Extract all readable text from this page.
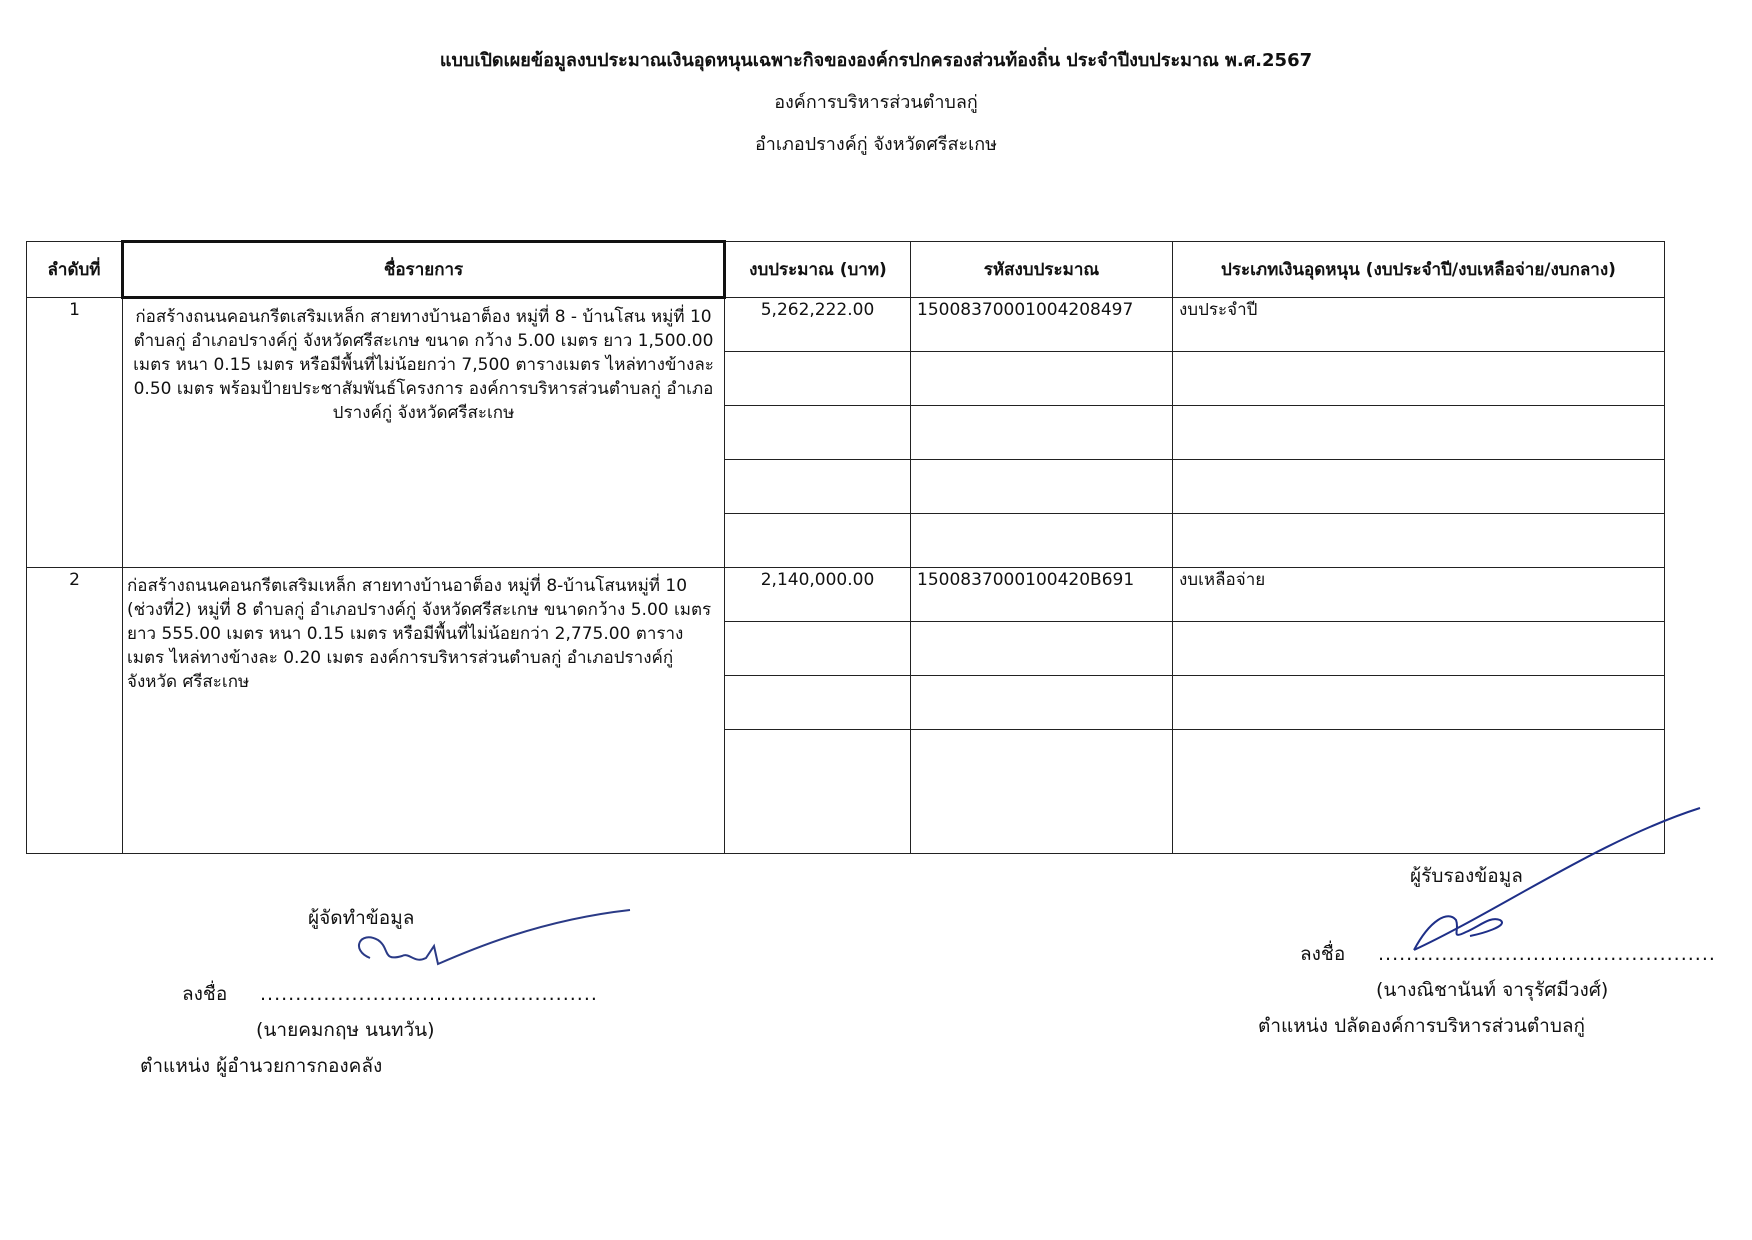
แบบเปิดเผยข้อมูลงบประมาณเงินอุดหนุนเฉพาะกิจขององค์กรปกครองส่วนท้องถิ่น ประจำปีงบประมาณ พ.ศ.2567
องค์การบริหารส่วนตำบลกู่
อำเภอปรางค์กู่ จังหวัดศรีสะเกษ
ลำดับที่	ชื่อรายการ	งบประมาณ (บาท)	รหัสงบประมาณ	ประเภทเงินอุดหนุน (งบประจำปี/งบเหลือจ่าย/งบกลาง)
1	ก่อสร้างถนนคอนกรีตเสริมเหล็ก สายทางบ้านอาต็อง หมู่ที่ 8 - บ้านโสน หมู่ที่ 10 ตำบลกู่ อำเภอปรางค์กู่ จังหวัดศรีสะเกษ ขนาด กว้าง 5.00 เมตร ยาว 1,500.00 เมตร หนา 0.15 เมตร หรือมีพื้นที่ไม่น้อยกว่า 7,500 ตารางเมตร ไหล่ทางข้างละ 0.50 เมตร พร้อมป้ายประชาสัมพันธ์โครงการ องค์การบริหารส่วนตำบลกู่ อำเภอปรางค์กู่ จังหวัดศรีสะเกษ	5,262,222.00	15008370001004208497	งบประจำปี

2	ก่อสร้างถนนคอนกรีตเสริมเหล็ก สายทางบ้านอาต็อง หมู่ที่ 8-บ้านโสนหมู่ที่ 10 (ช่วงที่2) หมู่ที่ 8 ตำบลกู่ อำเภอปรางค์กู่ จังหวัดศรีสะเกษ ขนาดกว้าง 5.00 เมตร ยาว 555.00 เมตร หนา 0.15 เมตร หรือมีพื้นที่ไม่น้อยกว่า 2,775.00 ตารางเมตร ไหล่ทางข้างละ 0.20 เมตร องค์การบริหารส่วนตำบลกู่ อำเภอปรางค์กู่ จังหวัด ศรีสะเกษ	2,140,000.00	1500837000100420B691	งบเหลือจ่าย

ผู้จัดทำข้อมูล
ลงชื่อ ................................................
(นายคมกฤษ นนทวัน)
ตำแหน่ง ผู้อำนวยการกองคลัง
ผู้รับรองข้อมูล
ลงชื่อ ................................................
(นางณิชานันท์ จารุรัศมีวงศ์)
ตำแหน่ง ปลัดองค์การบริหารส่วนตำบลกู่
